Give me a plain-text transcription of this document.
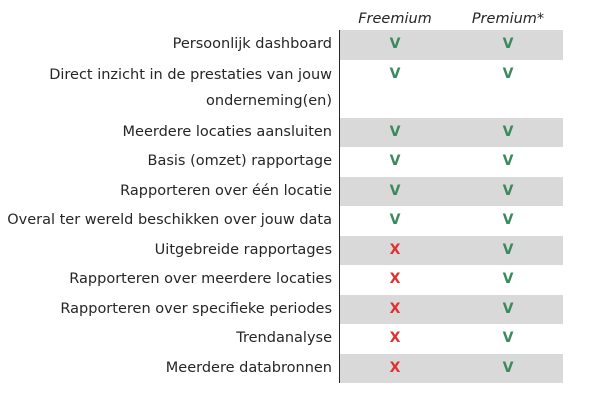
Freemium	Premium*
Persoonlijk dashboard	V	V
Direct inzicht in de prestaties van jouw
onderneming(en)
V	V
Meerdere locaties aansluiten	V	V
Basis (omzet) rapportage	V	V
Rapporteren over één locatie	V	V
Overal ter wereld beschikken over jouw data	V	V
Uitgebreide rapportages	X	V
Rapporteren over meerdere locaties	X	V
Rapporteren over specifieke periodes	X	V
Trendanalyse	X	V
Meerdere databronnen	X	V
